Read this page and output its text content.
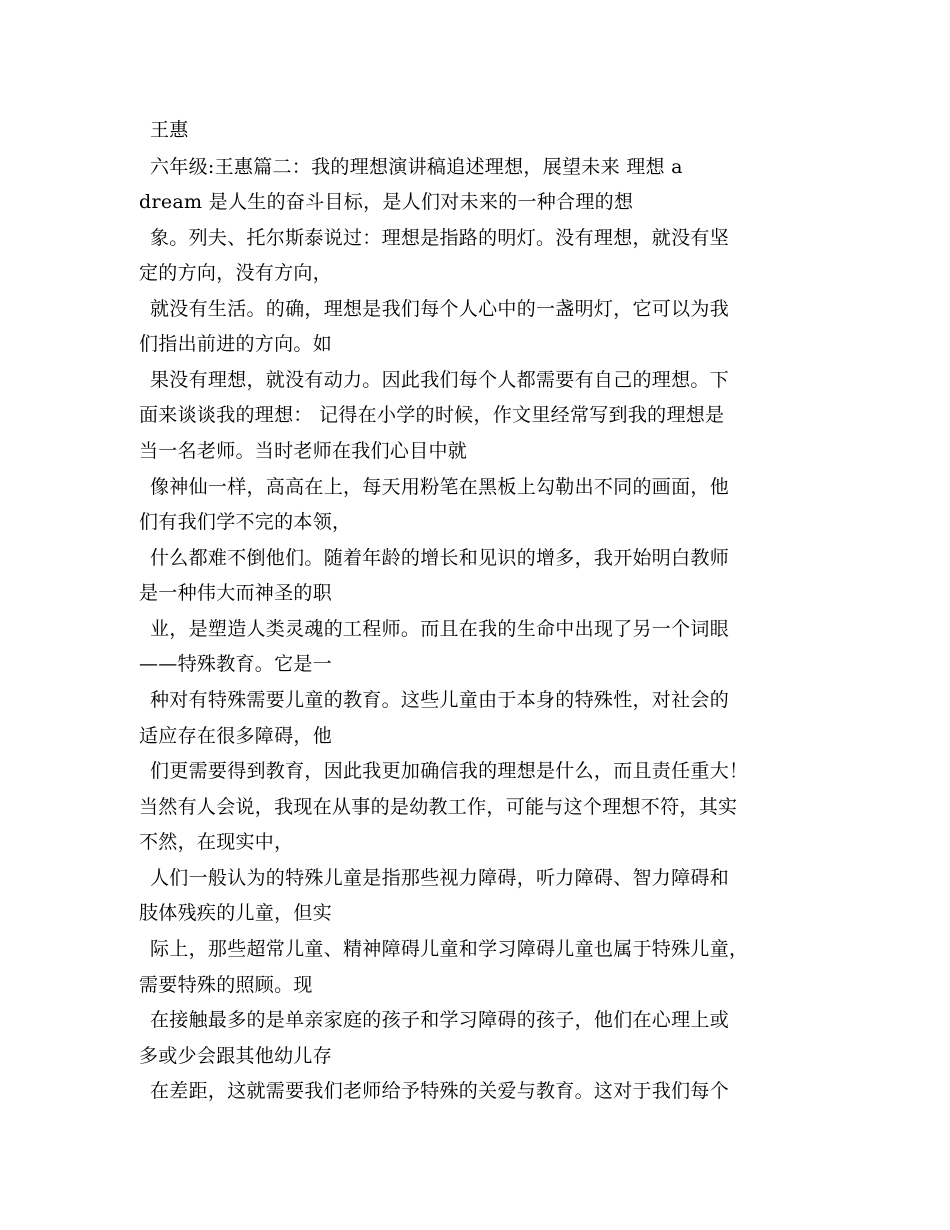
王惠
六年级:王惠篇二：我的理想演讲稿追述理想，展望未来 理想 a
dream 是人生的奋斗目标，是人们对未来的一种合理的想
象。列夫、托尔斯泰说过：理想是指路的明灯。没有理想，就没有坚
定的方向，没有方向，
就没有生活。的确，理想是我们每个人心中的一盏明灯，它可以为我
们指出前进的方向。如
果没有理想，就没有动力。因此我们每个人都需要有自己的理想。下
面来谈谈我的理想： 记得在小学的时候，作文里经常写到我的理想是
当一名老师。当时老师在我们心目中就
像神仙一样，高高在上，每天用粉笔在黑板上勾勒出不同的画面，他
们有我们学不完的本领，
什么都难不倒他们。随着年龄的增长和见识的增多，我开始明白教师
是一种伟大而神圣的职
业，是塑造人类灵魂的工程师。而且在我的生命中出现了另一个词眼
——特殊教育。它是一
种对有特殊需要儿童的教育。这些儿童由于本身的特殊性，对社会的
适应存在很多障碍，他
们更需要得到教育，因此我更加确信我的理想是什么，而且责任重大！
当然有人会说，我现在从事的是幼教工作，可能与这个理想不符，其实
不然，在现实中，
人们一般认为的特殊儿童是指那些视力障碍，听力障碍、智力障碍和
肢体残疾的儿童，但实
际上，那些超常儿童、精神障碍儿童和学习障碍儿童也属于特殊儿童，
需要特殊的照顾。现
在接触最多的是单亲家庭的孩子和学习障碍的孩子，他们在心理上或
多或少会跟其他幼儿存
在差距，这就需要我们老师给予特殊的关爱与教育。这对于我们每个
